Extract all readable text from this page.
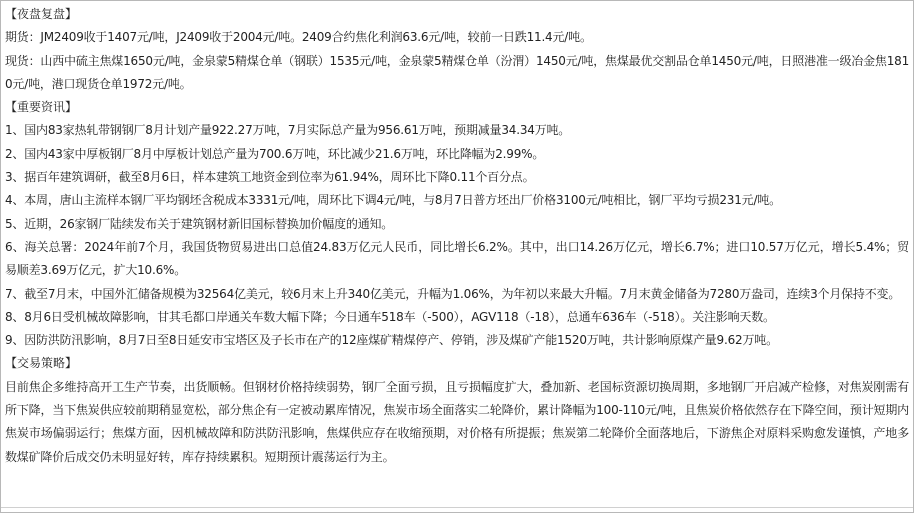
【夜盘复盘】
期货：JM2409收于1407元/吨，J2409收于2004元/吨。2409合约焦化利润63.6元/吨，较前一日跌11.4元/吨。
现货：山西中硫主焦煤1650元/吨，金泉蒙5精煤仓单（钢联）1535元/吨，金泉蒙5精煤仓单（汾渭）1450元/吨，焦煤最优交割品仓单1450元/吨，日照港准一级冶金焦1810元/吨，港口现货仓单1972元/吨。
【重要资讯】
1、国内83家热轧带钢钢厂8月计划产量922.27万吨，7月实际总产量为956.61万吨，预期减量34.34万吨。
2、国内43家中厚板钢厂8月中厚板计划总产量为700.6万吨，环比减少21.6万吨，环比降幅为2.99%。
3、据百年建筑调研，截至8月6日，样本建筑工地资金到位率为61.94%，周环比下降0.11个百分点。
4、本周，唐山主流样本钢厂平均钢坯含税成本3331元/吨，周环比下调4元/吨，与8月7日普方坯出厂价格3100元/吨相比，钢厂平均亏损231元/吨。
5、近期，26家钢厂陆续发布关于建筑钢材新旧国标替换加价幅度的通知。
6、海关总署：2024年前7个月，我国货物贸易进出口总值24.83万亿元人民币，同比增长6.2%。其中，出口14.26万亿元，增长6.7%；进口10.57万亿元，增长5.4%；贸易顺差3.69万亿元，扩大10.6%。
7、截至7月末，中国外汇储备规模为32564亿美元，较6月末上升340亿美元，升幅为1.06%，为年初以来最大升幅。7月末黄金储备为7280万盎司，连续3个月保持不变。
8、8月6日受机械故障影响，甘其毛都口岸通关车数大幅下降；今日通车518车（-500），AGV118（-18），总通车636车（-518）。关注影响天数。
9、因防洪防汛影响，8月7日至8日延安市宝塔区及子长市在产的12座煤矿精煤停产、停销，涉及煤矿产能1520万吨，共计影响原煤产量9.62万吨。
【交易策略】
目前焦企多维持高开工生产节奏，出货顺畅。但钢材价格持续弱势，钢厂全面亏损，且亏损幅度扩大，叠加新、老国标资源切换周期，多地钢厂开启减产检修，对焦炭刚需有所下降，当下焦炭供应较前期稍显宽松，部分焦企有一定被动累库情况，焦炭市场全面落实二轮降价，累计降幅为100-110元/吨，且焦炭价格依然存在下降空间，预计短期内焦炭市场偏弱运行；焦煤方面，因机械故障和防洪防汛影响，焦煤供应存在收缩预期，对价格有所提振；焦炭第二轮降价全面落地后，下游焦企对原料采购愈发谨慎，产地多数煤矿降价后成交仍未明显好转，库存持续累积。短期预计震荡运行为主。
